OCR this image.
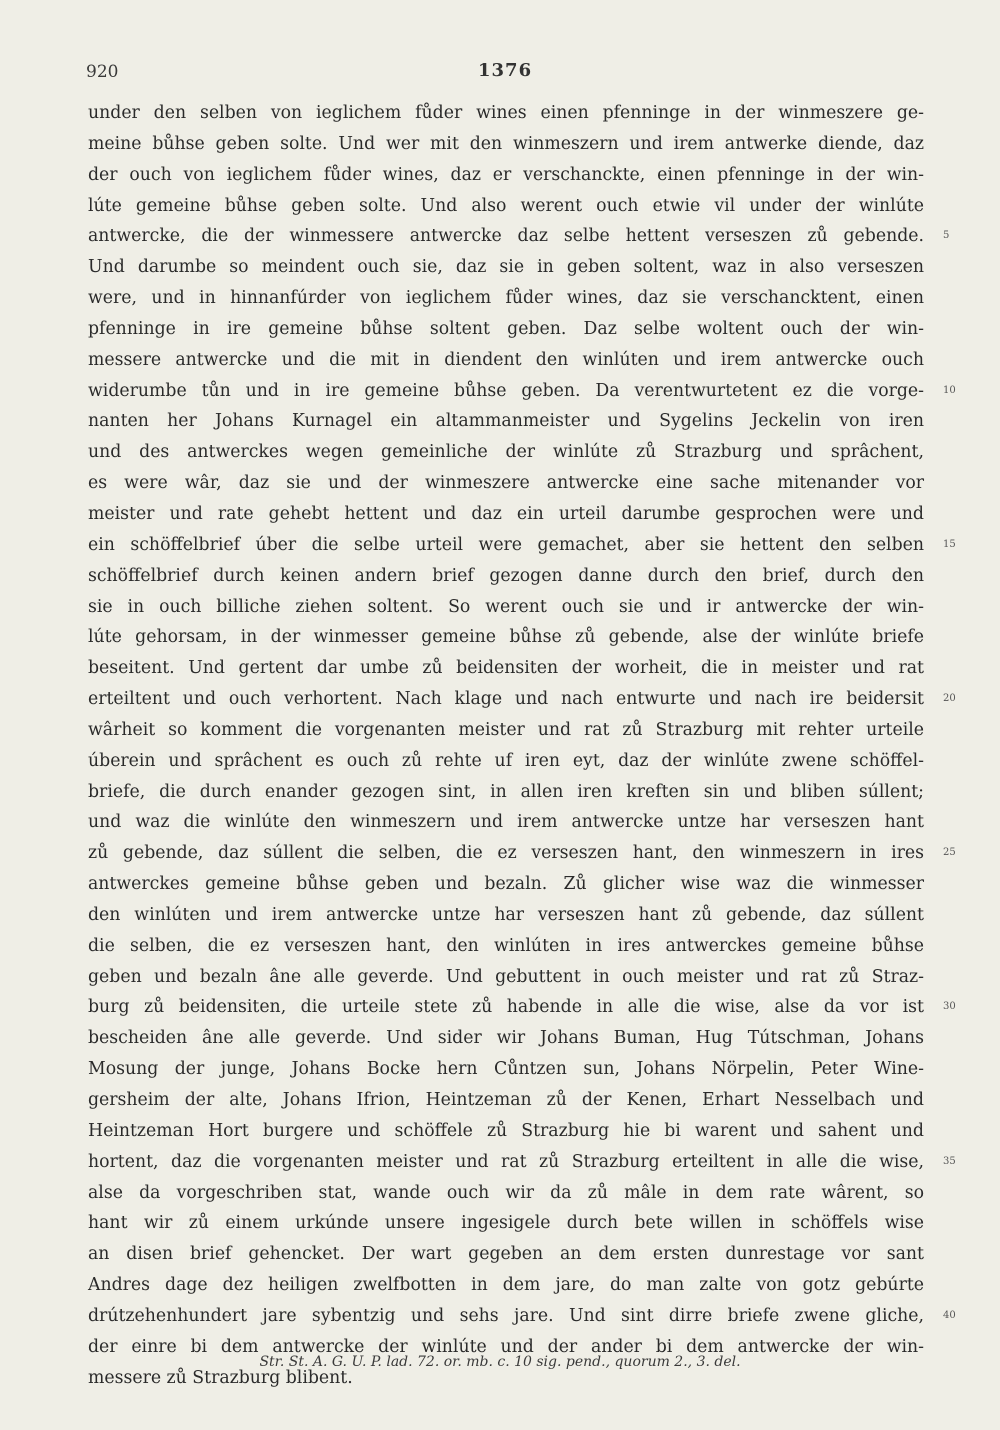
920	1376
under den selben von ieglichem fůder wines einen pfenninge in der winmeszere ge-
meine bůhse geben solte. Und wer mit den winmeszern und irem antwerke diende, daz
der ouch von ieglichem fůder wines, daz er verschanckte, einen pfenninge in der win-
lúte gemeine bůhse geben solte. Und also werent ouch etwie vil under der winlúte
antwercke, die der winmessere antwercke daz selbe hettent verseszen zů gebende. 5
Und darumbe so meindent ouch sie, daz sie in geben soltent, waz in also verseszen
were, und in hinnanfúrder von ieglichem fůder wines, daz sie verschancktent, einen
pfenninge in ire gemeine bůhse soltent geben. Daz selbe woltent ouch der win-
messere antwercke und die mit in diendent den winlúten und irem antwercke ouch
widerumbe tůn und in ire gemeine bůhse geben. Da verentwurtetent ez die vorge- 10
nanten her Johans Kurnagel ein altammanmeister und Sygelins Jeckelin von iren
und des antwerckes wegen gemeinliche der winlúte zů Strazburg und sprâchent,
es were wâr, daz sie und der winmeszere antwercke eine sache mitenander vor
meister und rate gehebt hettent und daz ein urteil darumbe gesprochen were und
ein schöffelbrief úber die selbe urteil were gemachet, aber sie hettent den selben 15
schöffelbrief durch keinen andern brief gezogen danne durch den brief, durch den
sie in ouch billiche ziehen soltent. So werent ouch sie und ir antwercke der win-
lúte gehorsam, in der winmesser gemeine bůhse zů gebende, alse der winlúte briefe
beseitent. Und gertent dar umbe zů beidensiten der worheit, die in meister und rat
erteiltent und ouch verhortent. Nach klage und nach entwurte und nach ire beidersit 20
wârheit so komment die vorgenanten meister und rat zů Strazburg mit rehter urteile
úberein und sprâchent es ouch zů rehte uf iren eyt, daz der winlúte zwene schöffel-
briefe, die durch enander gezogen sint, in allen iren kreften sin und bliben súllent;
und waz die winlúte den winmeszern und irem antwercke untze har verseszen hant
zů gebende, daz súllent die selben, die ez verseszen hant, den winmeszern in ires 25
antwerckes gemeine bůhse geben und bezaln. Zů glicher wise waz die winmesser
den winlúten und irem antwercke untze har verseszen hant zů gebende, daz súllent
die selben, die ez verseszen hant, den winlúten in ires antwerckes gemeine bůhse
geben und bezaln âne alle geverde. Und gebuttent in ouch meister und rat zů Straz-
burg zů beidensiten, die urteile stete zů habende in alle die wise, alse da vor ist 30
bescheiden âne alle geverde. Und sider wir Johans Buman, Hug Tútschman, Johans
Mosung der junge, Johans Bocke hern Cůntzen sun, Johans Nörpelin, Peter Wine-
gersheim der alte, Johans Ifrion, Heintzeman zů der Kenen, Erhart Nesselbach und
Heintzeman Hort burgere und schöffele zů Strazburg hie bi warent und sahent und
hortent, daz die vorgenanten meister und rat zů Strazburg erteiltent in alle die wise, 35
alse da vorgeschriben stat, wande ouch wir da zů mâle in dem rate wârent, so
hant wir zů einem urkúnde unsere ingesigele durch bete willen in schöffels wise
an disen brief gehencket. Der wart gegeben an dem ersten dunrestage vor sant
Andres dage dez heiligen zwelfbotten in dem jare, do man zalte von gotz gebúrte
drútzehenhundert jare sybentzig und sehs jare. Und sint dirre briefe zwene gliche, 40
der einre bi dem antwercke der winlúte und der ander bi dem antwercke der win-
messere zů Strazburg blibent.
Str. St. A. G. U. P. lad. 72. or. mb. c. 10 sig. pend., quorum 2., 3. del.
